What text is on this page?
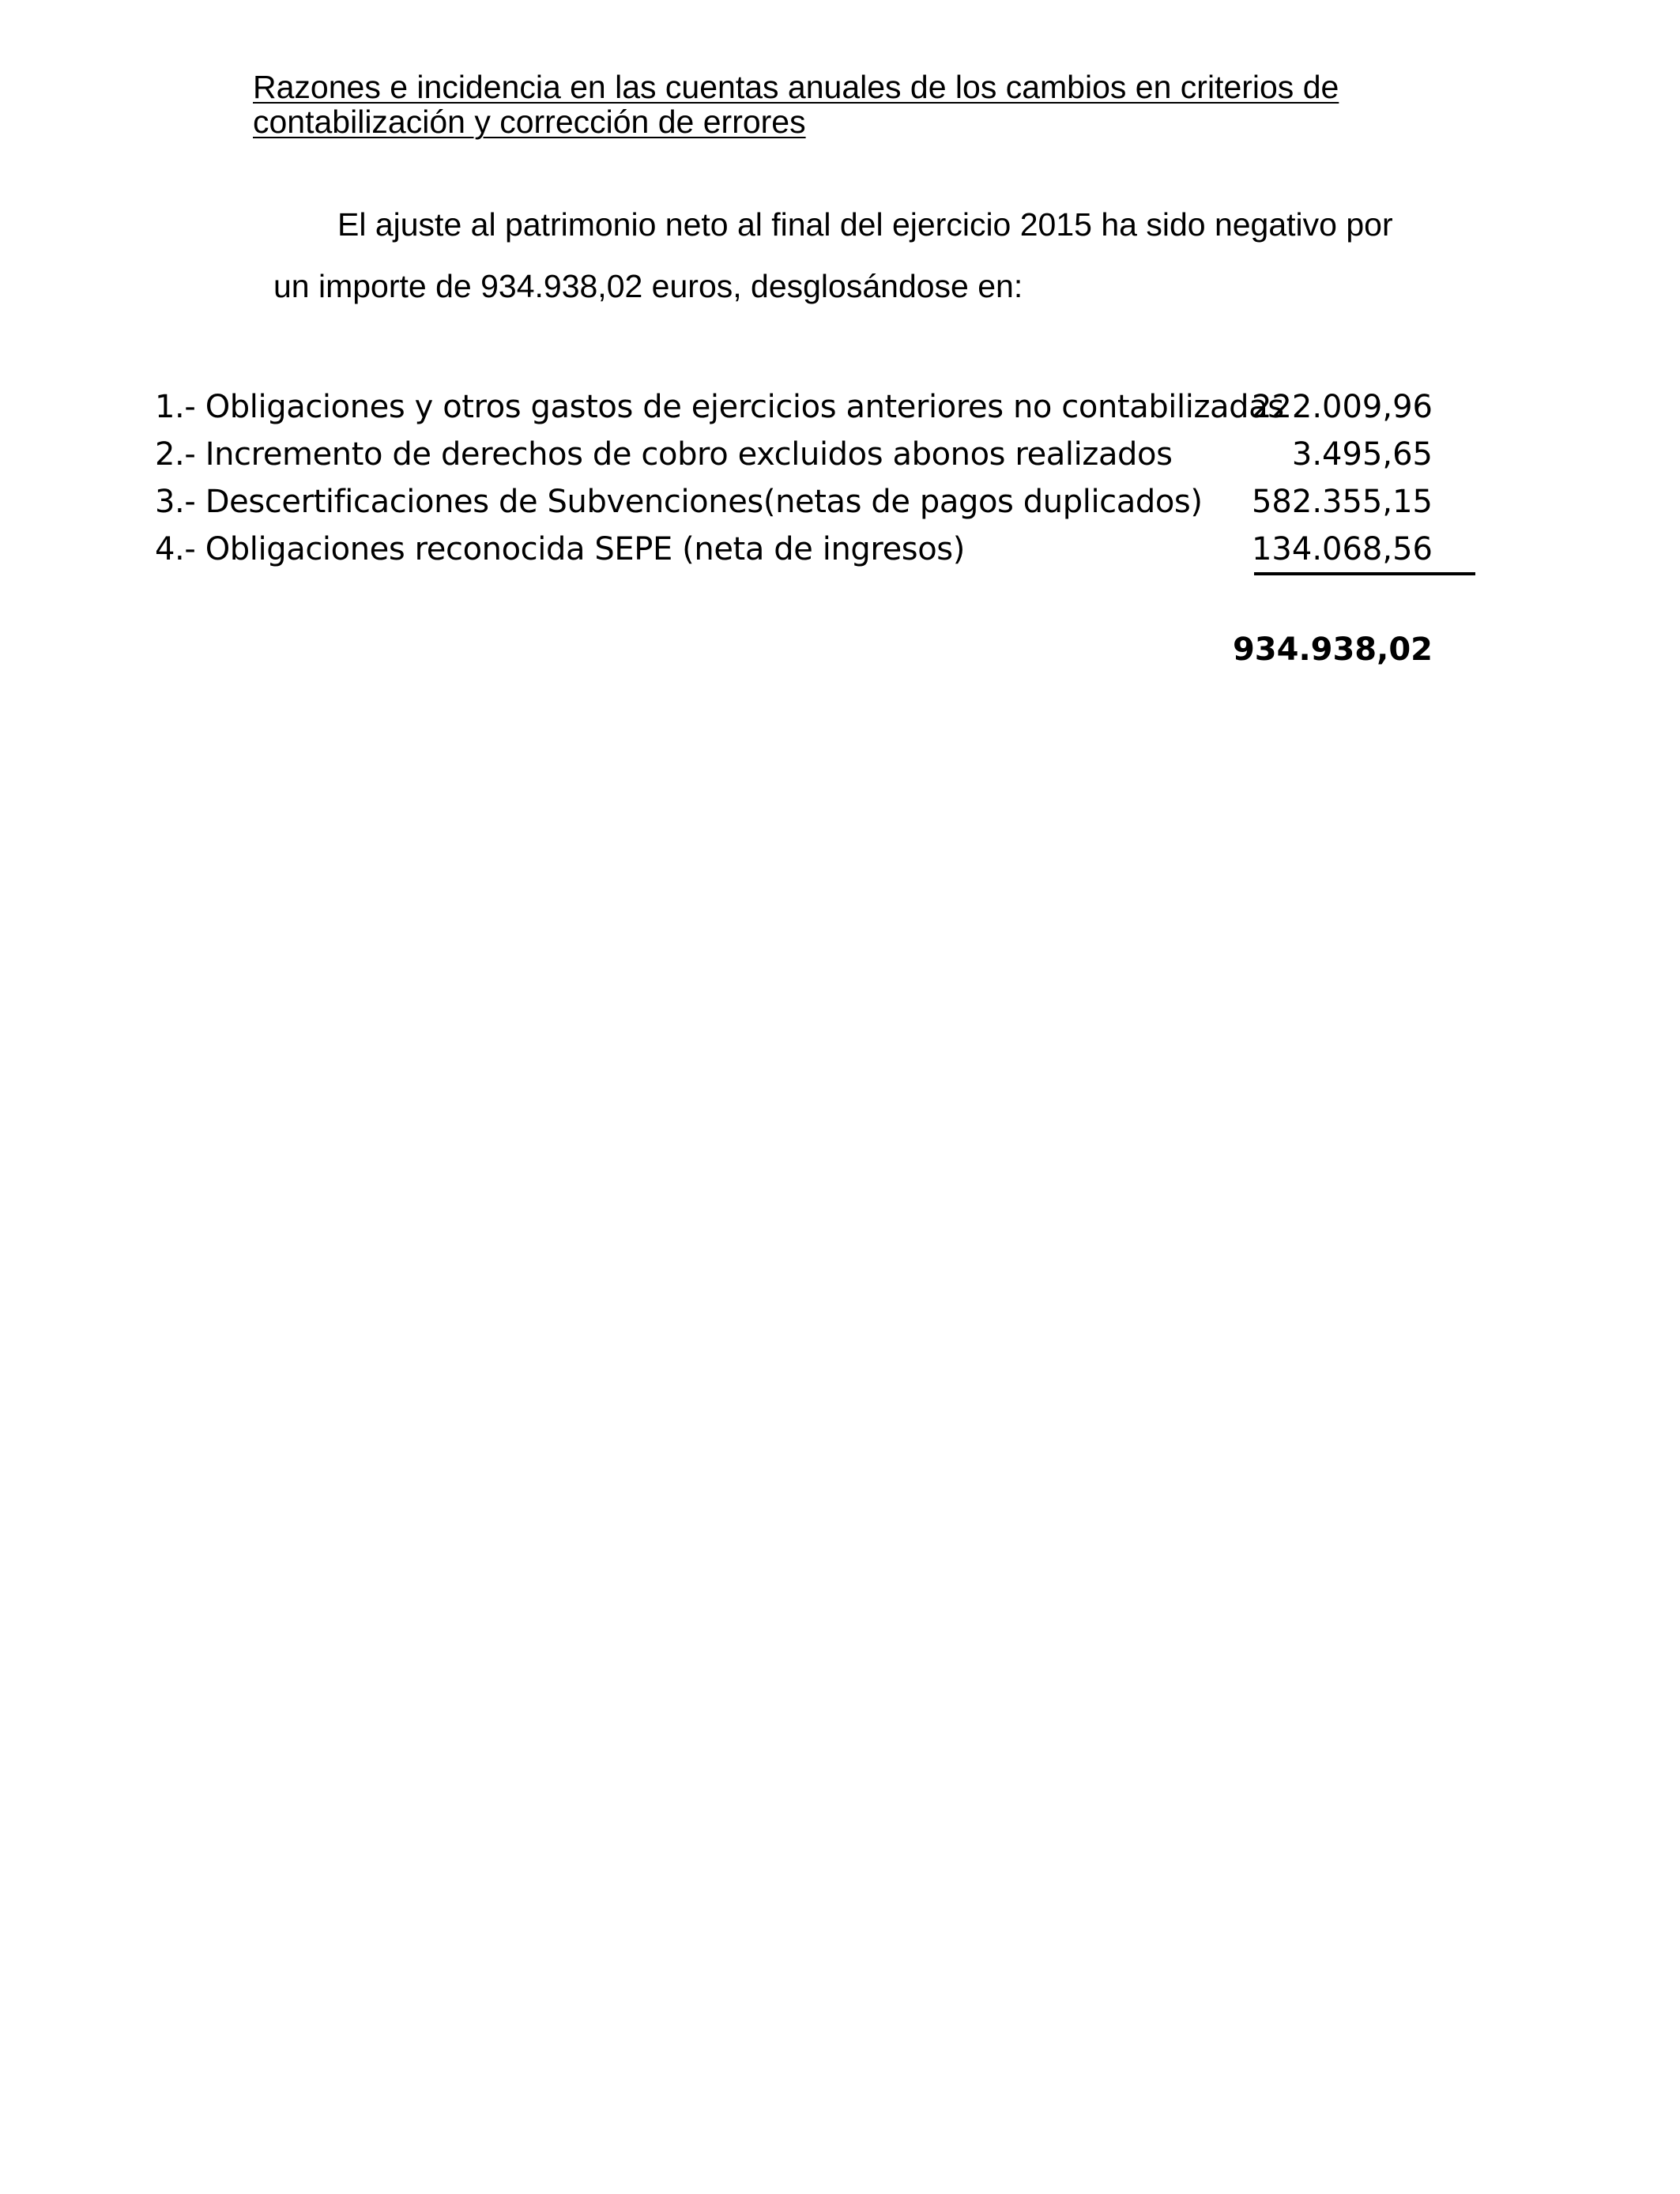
Razones e incidencia en las cuentas anuales de los cambios en criterios de
contabilización y corrección de errores

El ajuste al patrimonio neto al final del ejercicio 2015 ha sido negativo por
un importe de 934.938,02 euros, desglosándose en:

1.- Obligaciones y otros gastos de ejercicios anteriores no contabilizadas
222.009,96
2.- Incremento de derechos de cobro excluidos abonos realizados	3.495,65
3.- Descertificaciones de Subvenciones(netas de pagos duplicados) 582.355,15
4.- Obligaciones reconocida SEPE (neta de ingresos)	134.068,56
934.938,02
